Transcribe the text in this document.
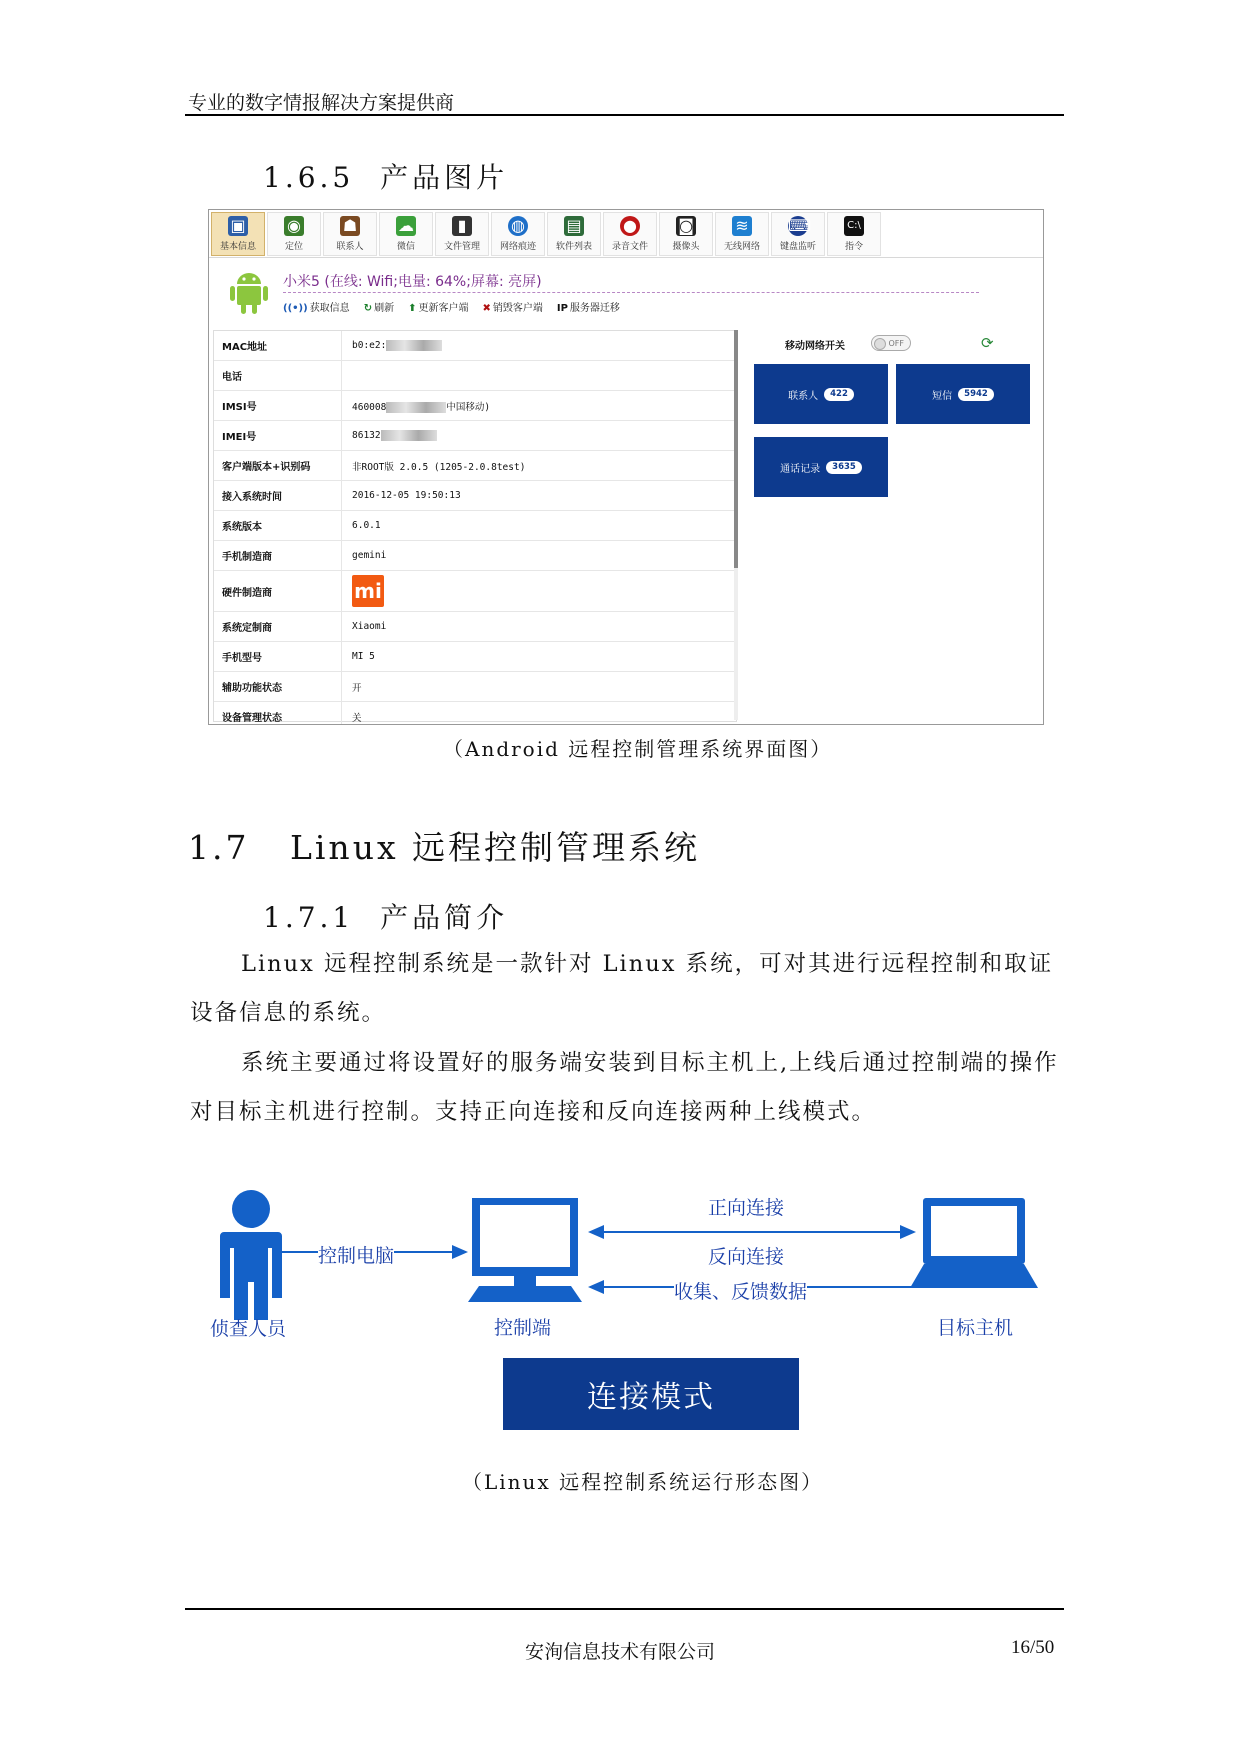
专业的数字情报解决方案提供商
1.6.5 产品图片
▣
基本信息
◉
定位
☗
联系人
☁
微信
▮
文件管理
◍
网络痕迹
▤
软件列表
●
录音文件
◙
摄像头
≋
无线网络
⌨
键盘监听
C:\
指令
小米5 (在线: Wifi;电量: 64%;屏幕: 亮屏)
((•)) 获取信息 ↻ 刷新 ⬆ 更新客户端 ✖ 销毁客户端 IP 服务器迁移
MAC地址	b0:e2:
电话
IMSI号	460008	中国移动)
IMEI号	86132
客户端版本+识别码	非ROOT版 2.0.5 (1205-2.0.8test)
接入系统时间	2016-12-05 19:50:13
系统版本	6.0.1
手机制造商	gemini
硬件制造商	mi
系统定制商	Xiaomi
手机型号	MI 5
辅助功能状态	开
设备管理状态	关
移动网络开关	OFF	⟳
联系人	422	短信	5942
通话记录	3635
（Android 远程控制管理系统界面图）
1.7 Linux 远程控制管理系统
1.7.1 产品简介

Linux 远程控制系统是一款针对 Linux 系统，可对其进行远程控制和取证设备信息的系统。

系统主要通过将设置好的服务端安装到目标主机上,上线后通过控制端的操作对目标主机进行控制。支持正向连接和反向连接两种上线模式。

控制电脑
正向连接
反向连接
收集、反馈数据
侦查人员	控制端	目标主机
连接模式
（Linux 远程控制系统运行形态图）
安洵信息技术有限公司	16/50
